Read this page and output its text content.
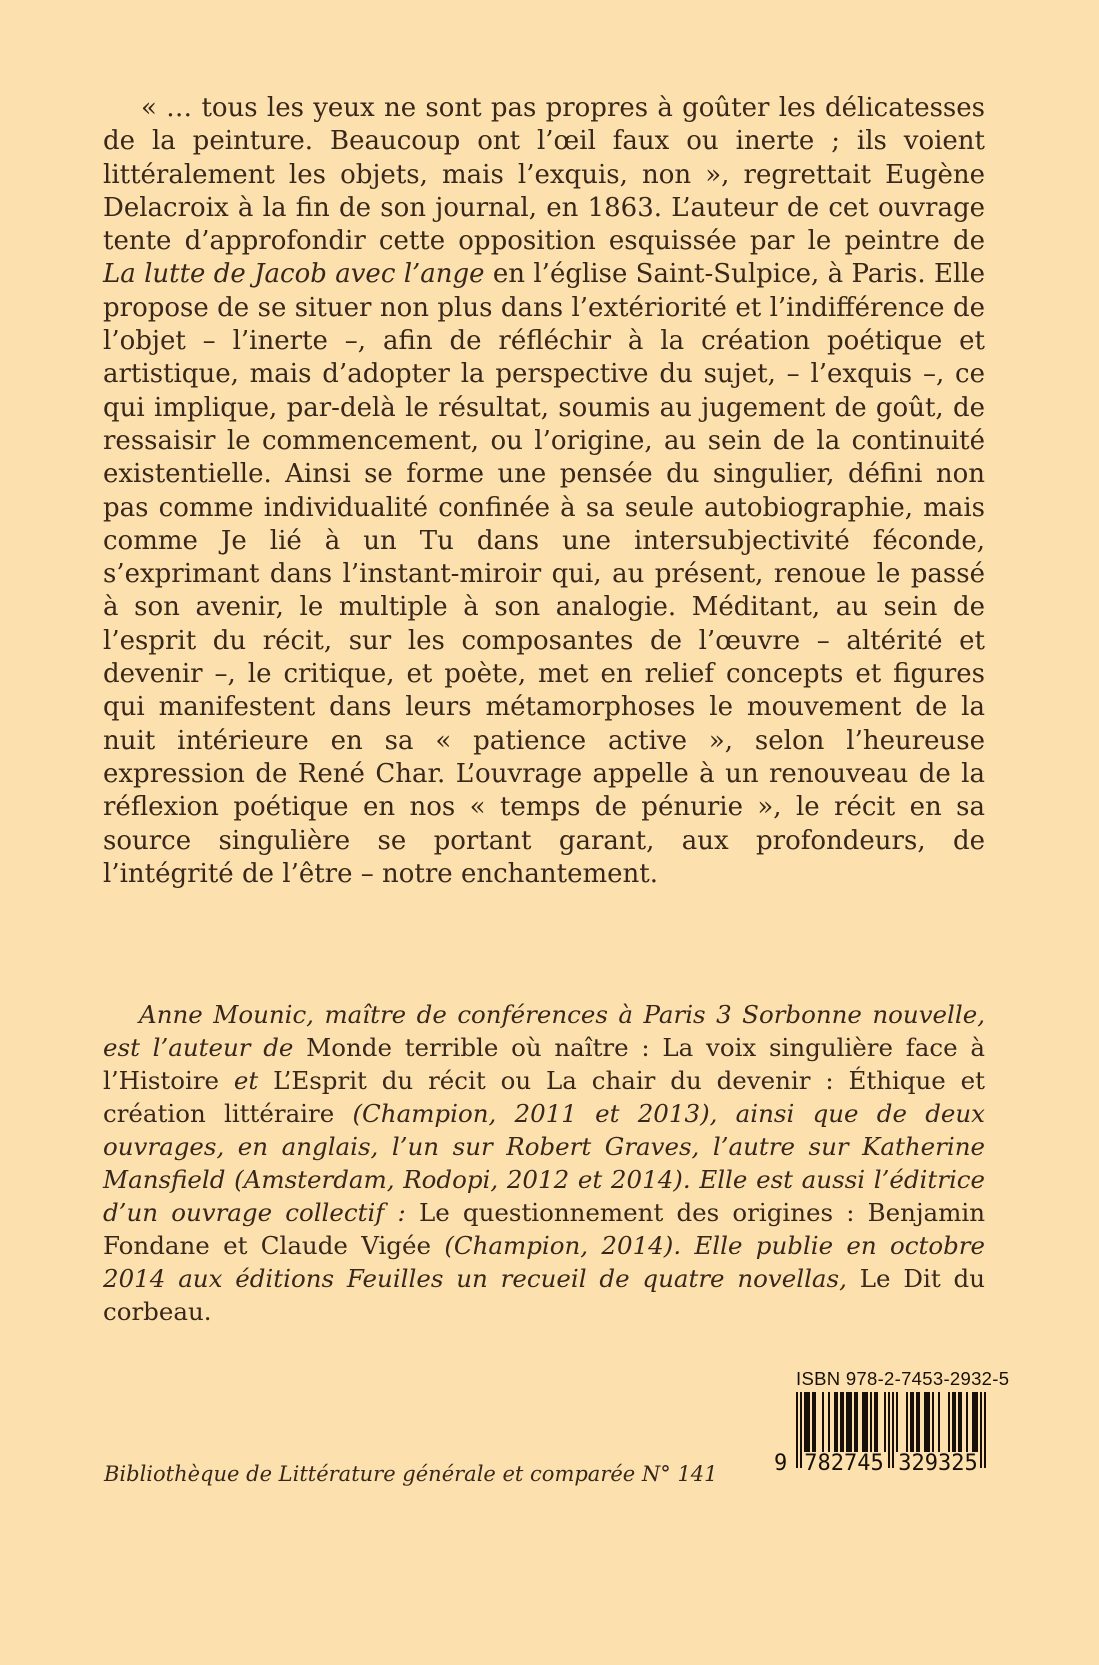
« … tous les yeux ne sont pas propres à goûter les délicatesses de la peinture. Beaucoup ont l’œil faux ou inerte ; ils voient littéralement les objets, mais l’exquis, non », regrettait Eugène Delacroix à la fin de son journal, en 1863. L’auteur de cet ouvrage tente d’approfondir cette opposition esquissée par le peintre de La lutte de Jacob avec l’ange en l’église Saint-Sulpice, à Paris. Elle propose de se situer non plus dans l’extériorité et l’indifférence de l’objet – l’inerte –, afin de réfléchir à la création poétique et artistique, mais d’adopter la perspective du sujet, – l’exquis –, ce qui implique, par-delà le résultat, soumis au jugement de goût, de ressaisir le commencement, ou l’origine, au sein de la continuité existentielle. Ainsi se forme une pensée du singulier, défini non pas comme individualité confinée à sa seule autobiographie, mais comme Je lié à un Tu dans une intersubjectivité féconde, s’exprimant dans l’instant-miroir qui, au présent, renoue le passé à son avenir, le multiple à son analogie. Méditant, au sein de l’esprit du récit, sur les composantes de l’œuvre – altérité et devenir –, le critique, et poète, met en relief concepts et figures qui manifestent dans leurs métamorphoses le mouvement de la nuit intérieure en sa « patience active », selon l’heureuse expression de René Char. L’ouvrage appelle à un renouveau de la réflexion poétique en nos « temps de pénurie », le récit en sa source singulière se portant garant, aux profondeurs, de l’intégrité de l’être – notre enchantement.

Anne Mounic, maître de conférences à Paris 3 Sorbonne nouvelle, est l’auteur de Monde terrible où naître : La voix singulière face à l’Histoire et L’Esprit du récit ou La chair du devenir : Éthique et création littéraire (Champion, 2011 et 2013), ainsi que de deux ouvrages, en anglais, l’un sur Robert Graves, l’autre sur Katherine Mansfield (Amsterdam, Rodopi, 2012 et 2014). Elle est aussi l’éditrice d’un ouvrage collectif : Le questionnement des origines : Benjamin Fondane et Claude Vigée (Champion, 2014). Elle publie en octobre 2014 aux éditions Feuilles un recueil de quatre novellas, Le Dit du corbeau.

Bibliothèque de Littérature générale et comparée N° 141
ISBN 978-2-7453-2932-5
9 782745 329325
